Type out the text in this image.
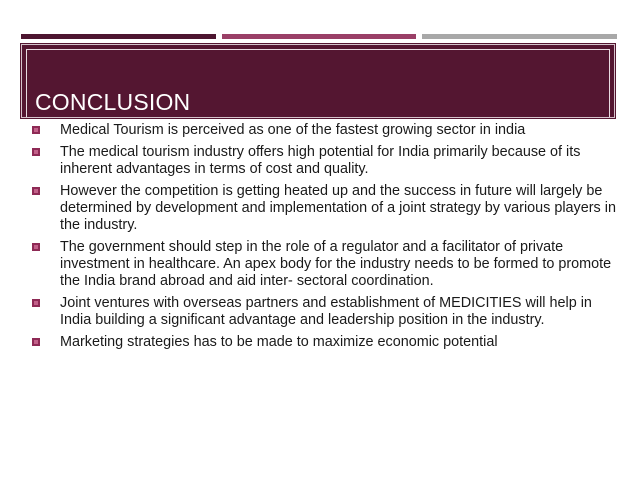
CONCLUSION
Medical Tourism is perceived as one of the fastest growing sector in india
The medical tourism industry offers high potential for India primarily because of its inherent advantages in terms of cost and quality.
However the competition is getting heated up and the success in future will largely be determined by development and implementation of a joint strategy by various players in the industry.
The government should step in the role of a regulator and a facilitator of private investment in healthcare. An apex body for the industry needs to be formed to promote the India brand abroad and aid inter- sectoral coordination.
Joint ventures with overseas partners and establishment of MEDICITIES will help in India building a significant advantage and leadership position in the industry.
Marketing strategies has to be made to maximize economic potential
